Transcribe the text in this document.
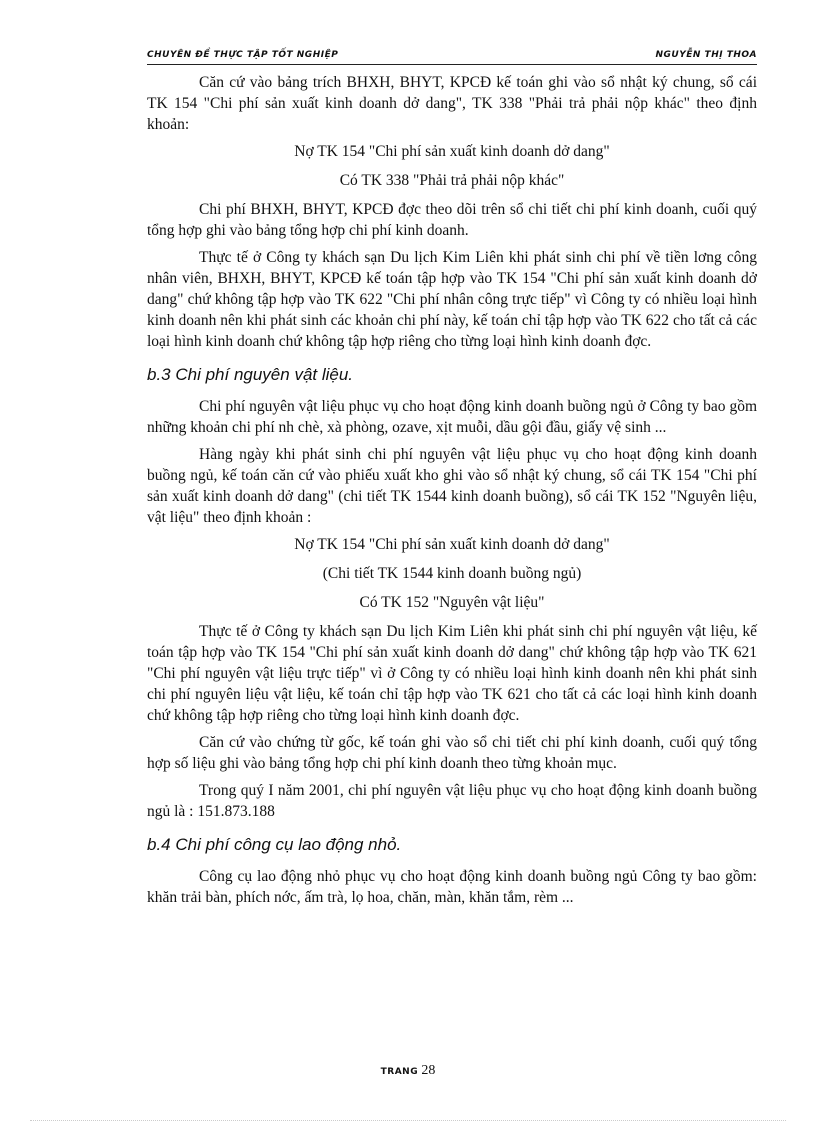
CHUYÊN ĐỀ THỰC TẬP TỐT NGHIỆP	NGUYỄN THỊ THOA

Căn cứ vào bảng trích BHXH, BHYT, KPCĐ kế toán ghi vào sổ nhật ký chung, sổ cái TK 154 "Chi phí sản xuất kinh doanh dở dang", TK 338 "Phải trả phải nộp khác" theo định khoản:

Nợ TK 154 "Chi phí sản xuất kinh doanh dở dang"

Có TK 338 "Phải trả phải nộp khác"

Chi phí BHXH, BHYT, KPCĐ đợc theo dõi trên sổ chi tiết chi phí kinh doanh, cuối quý tổng hợp ghi vào bảng tổng hợp chi phí kinh doanh.

Thực tế ở Công ty khách sạn Du lịch Kim Liên khi phát sinh chi phí về tiền lơng công nhân viên, BHXH, BHYT, KPCĐ kế toán tập hợp vào TK 154 "Chi phí sản xuất kinh doanh dở dang" chứ không tập hợp vào TK 622 "Chi phí nhân công trực tiếp" vì Công ty có nhiều loại hình kinh doanh nên khi phát sinh các khoản chi phí này, kế toán chỉ tập hợp vào TK 622 cho tất cả các loại hình kinh doanh chứ không tập hợp riêng cho từng loại hình kinh doanh đợc.

b.3 Chi phí nguyên vật liệu.

Chi phí nguyên vật liệu phục vụ cho hoạt động kinh doanh buồng ngủ ở Công ty bao gồm những khoản chi phí nh chè, xà phòng, ozave, xịt muỗi, dầu gội đầu, giấy vệ sinh ...

Hàng ngày khi phát sinh chi phí nguyên vật liệu phục vụ cho hoạt động kinh doanh buồng ngủ, kế toán căn cứ vào phiếu xuất kho ghi vào sổ nhật ký chung, sổ cái TK 154 "Chi phí sản xuất kinh doanh dở dang" (chi tiết TK 1544 kinh doanh buồng), sổ cái TK 152 "Nguyên liệu, vật liệu" theo định khoản :

Nợ TK 154 "Chi phí sản xuất kinh doanh dở dang"

(Chi tiết TK 1544 kinh doanh buồng ngủ)

Có TK 152 "Nguyên vật liệu"

Thực tế ở Công ty khách sạn Du lịch Kim Liên khi phát sinh chi phí nguyên vật liệu, kế toán tập hợp vào TK 154 "Chi phí sản xuất kinh doanh dở dang" chứ không tập hợp vào TK 621 "Chi phí nguyên vật liệu trực tiếp" vì ở Công ty có nhiều loại hình kinh doanh nên khi phát sinh chi phí nguyên liệu vật liệu, kế toán chỉ tập hợp vào TK 621 cho tất cả các loại hình kinh doanh chứ không tập hợp riêng cho từng loại hình kinh doanh đợc.

Căn cứ vào chứng từ gốc, kế toán ghi vào sổ chi tiết chi phí kinh doanh, cuối quý tổng hợp số liệu ghi vào bảng tổng hợp chi phí kinh doanh theo từng khoản mục.

Trong quý I năm 2001, chi phí nguyên vật liệu phục vụ cho hoạt động kinh doanh buồng ngủ là : 151.873.188

b.4 Chi phí công cụ lao động nhỏ.

Công cụ lao động nhỏ phục vụ cho hoạt động kinh doanh buồng ngủ Công ty bao gồm: khăn trải bàn, phích nớc, ấm trà, lọ hoa, chăn, màn, khăn tắm, rèm ...

TRANG 28
